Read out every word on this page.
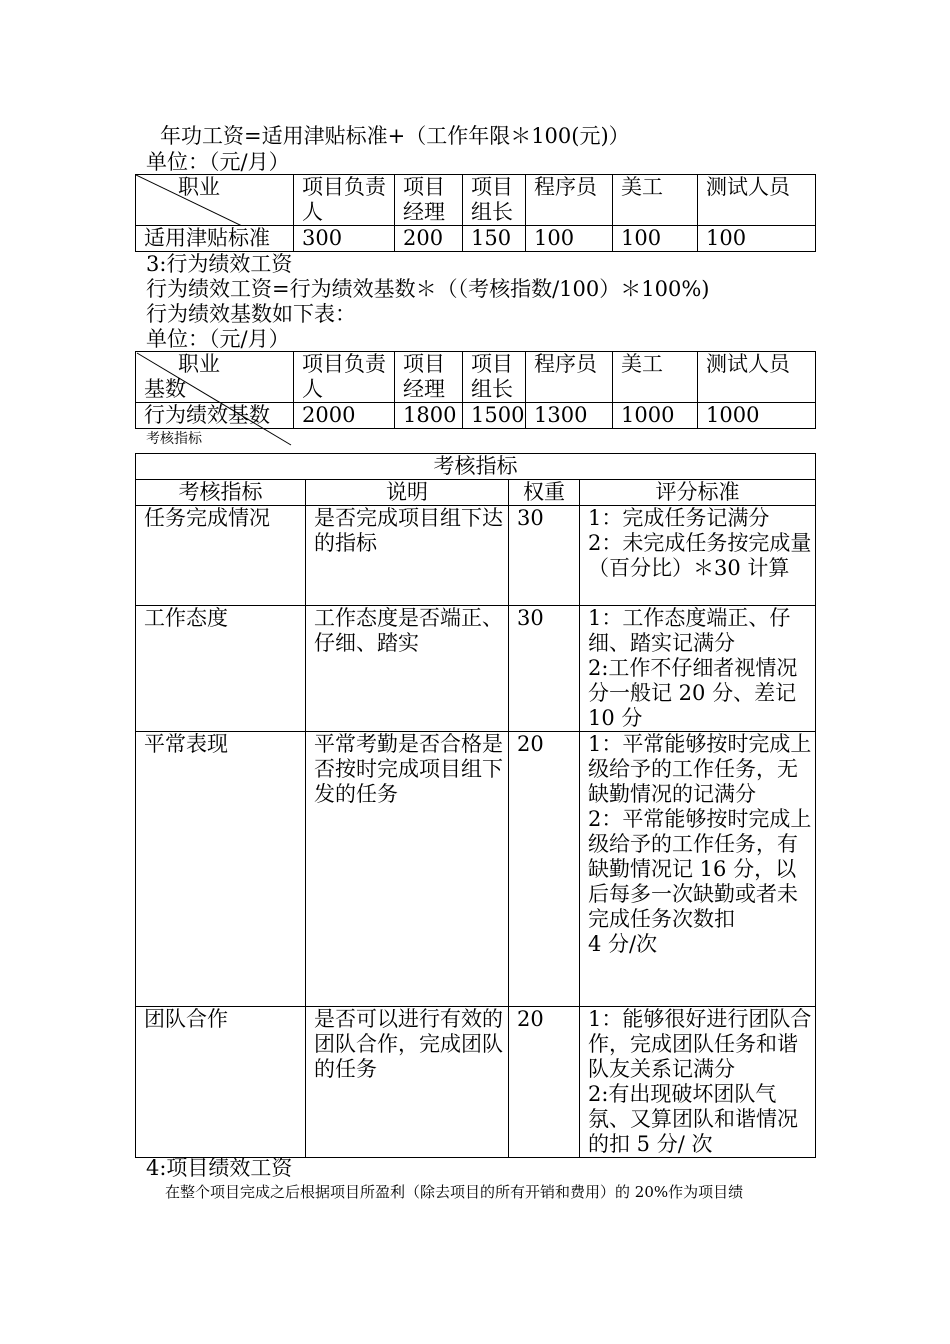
年功工资=适用津贴标准+（工作年限＊100(元)）
单位：（元/月）
职业	项目负责人	项目经理	项目组长	程序员	美工	测试人员
适用津贴标准	300	200	150	100	100	100
3:行为绩效工资
行为绩效工资=行为绩效基数＊（（考核指数/100）＊100%)
行为绩效基数如下表：
单位：（元/月）
职业
基数	项目负责人	项目经理	项目组长	程序员	美工	测试人员
行为绩效基数	2000	1800	1500	1300	1000	1000
考核指标
考核指标			
考核指标	说明	权重	评分标准
任务完成情况	是否完成项目组下达的指标	30	1：完成任务记满分
2：未完成任务按完成量（百分比）＊30 计算

工作态度	工作态度是否端正、仔细、踏实	30	1：工作态度端正、仔细、踏实记满分
2:工作不仔细者视情况分一般记 20 分、差记 10 分

平常表现	平常考勤是否合格是否按时完成项目组下发的任务	20	1：平常能够按时完成上级给予的工作任务，无缺勤情况的记满分
2：平常能够按时完成上级给予的工作任务，有缺勤情况记 16 分，以后每多一次缺勤或者未完成任务次数扣
4 分/次

团队合作	是否可以进行有效的团队合作，完成团队的任务	20	1：能够很好进行团队合作，完成团队任务和谐队友关系记满分
2:有出现破坏团队气氛、又算团队和谐情况的扣 5 分/ 次
4:项目绩效工资
在整个项目完成之后根据项目所盈利（除去项目的所有开销和费用）的 20%作为项目绩
